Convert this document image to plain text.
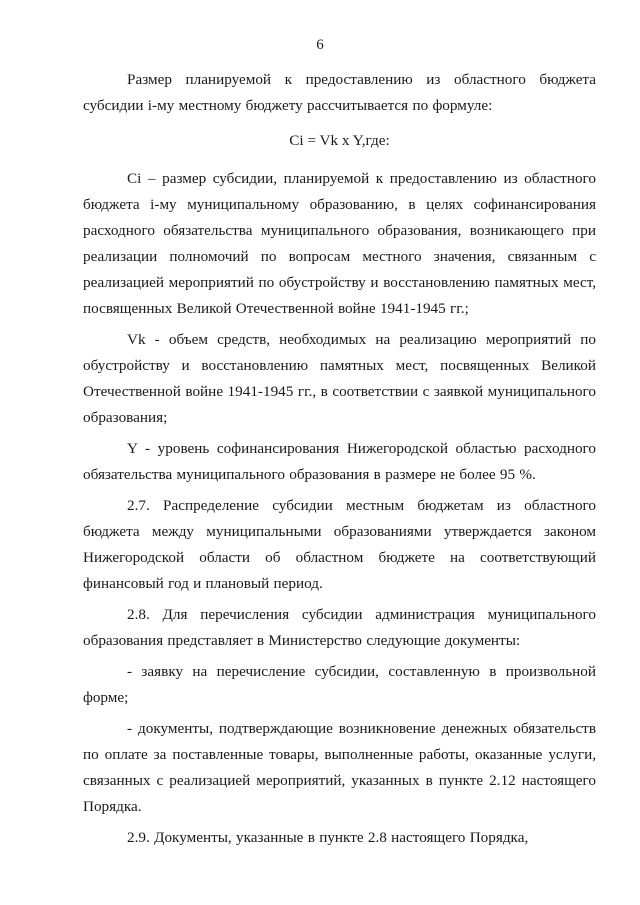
6

Размер планируемой к предоставлению из областного бюджета субсидии i-му местному бюджету рассчитывается по формуле:

Ci = Vk x Y,где:

Ci – размер субсидии, планируемой к предоставлению из областного бюджета i-му муниципальному образованию, в целях софинансирования расходного обязательства муниципального образования, возникающего при реализации полномочий по вопросам местного значения, связанным с реализацией мероприятий по обустройству и восстановлению памятных мест, посвященных Великой Отечественной войне 1941-1945 гг.;

Vk - объем средств, необходимых на реализацию мероприятий по обустройству и восстановлению памятных мест, посвященных Великой Отечественной войне 1941-1945 гг., в соответствии с заявкой муниципального образования;

Y - уровень софинансирования Нижегородской областью расходного обязательства муниципального образования в размере не более 95 %.

2.7. Распределение субсидии местным бюджетам из областного бюджета между муниципальными образованиями утверждается законом Нижегородской области об областном бюджете на соответствующий финансовый год и плановый период.

2.8. Для перечисления субсидии администрация муниципального образования представляет в Министерство следующие документы:

- заявку на перечисление субсидии, составленную в произвольной форме;

- документы, подтверждающие возникновение денежных обязательств по оплате за поставленные товары, выполненные работы, оказанные услуги, связанных с реализацией мероприятий, указанных в пункте 2.12 настоящего Порядка.

2.9. Документы, указанные в пункте 2.8 настоящего Порядка,
